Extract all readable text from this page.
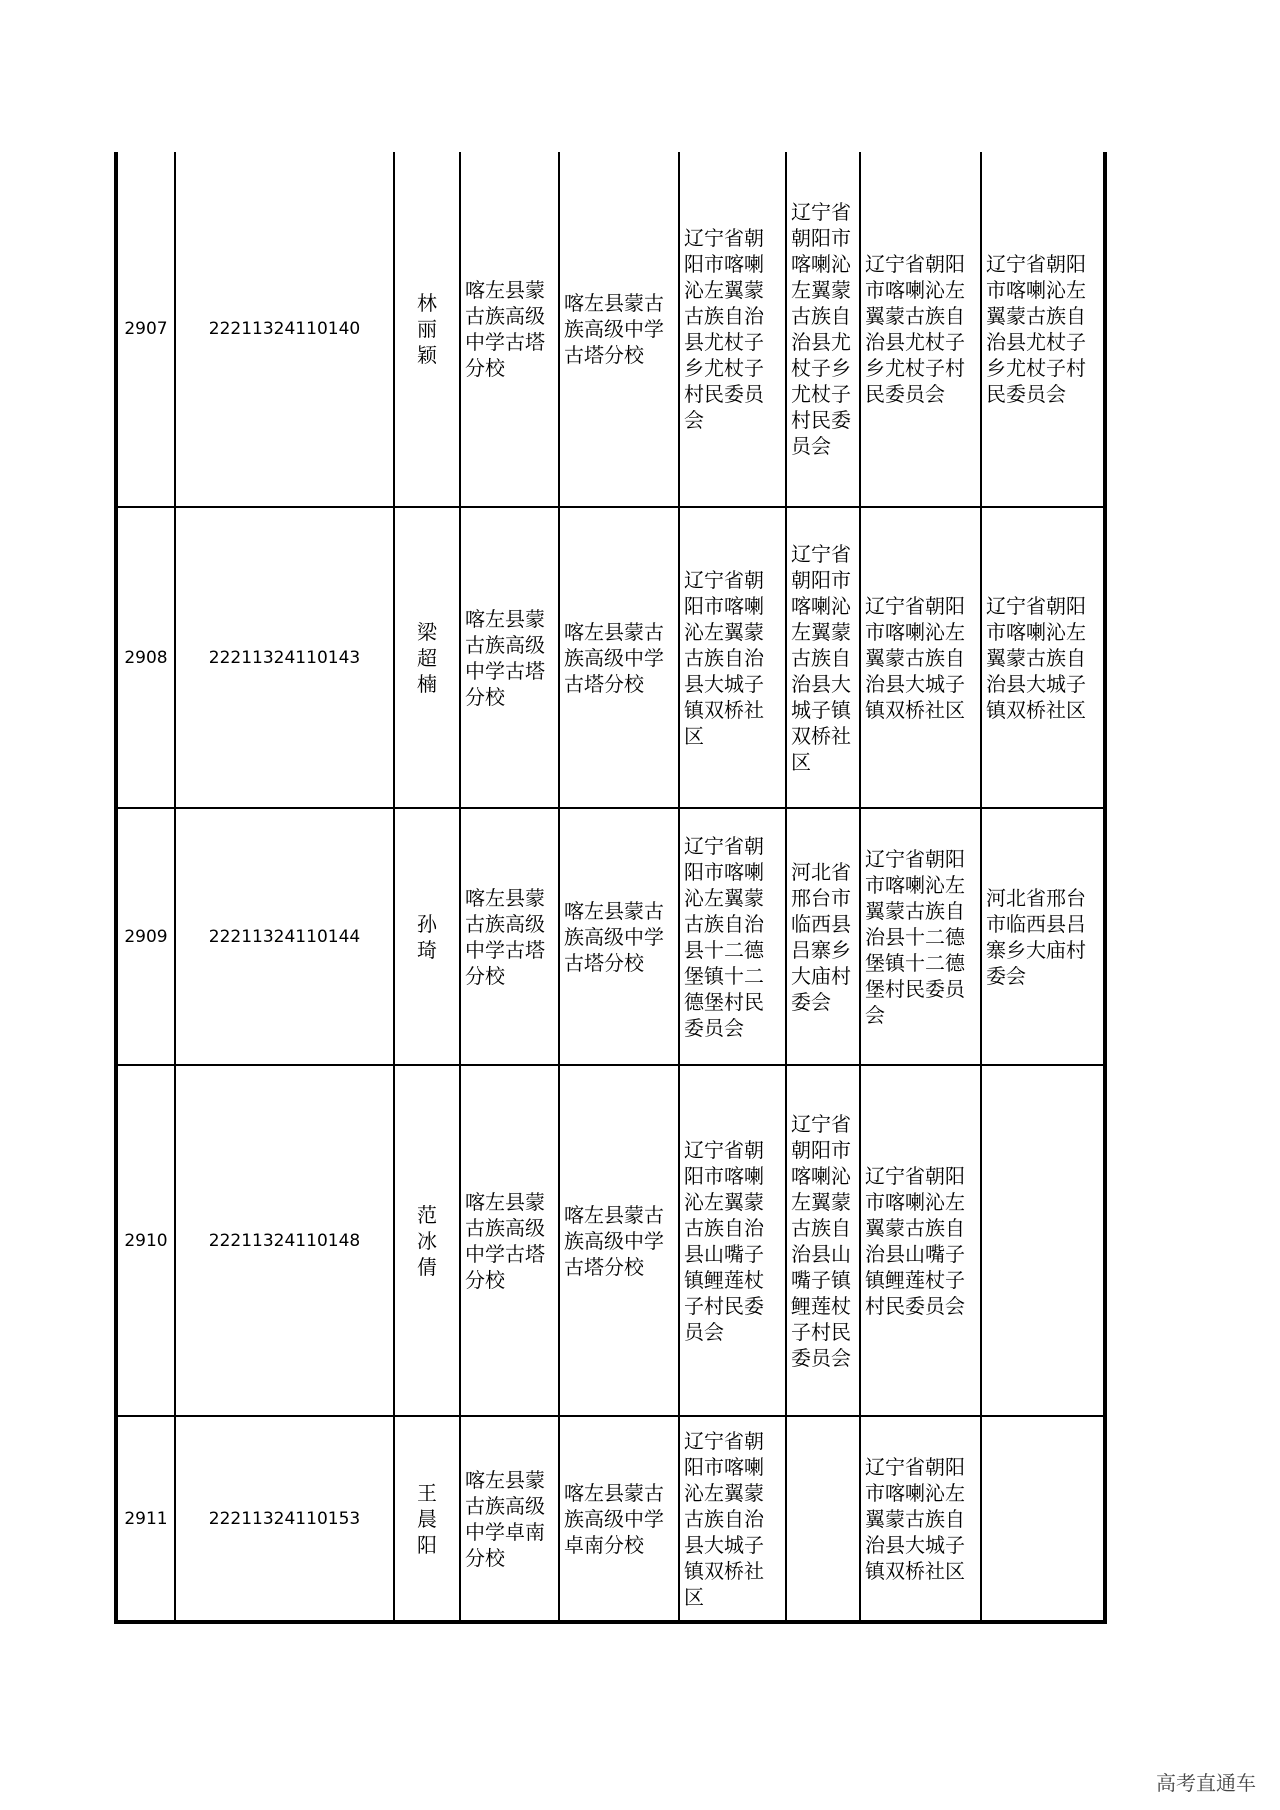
2907	22211324110140	林丽颖	喀左县蒙古族高级中学古塔分校	喀左县蒙古族高级中学古塔分校	辽宁省朝阳市喀喇沁左翼蒙古族自治县尤杖子乡尤杖子村民委员会	辽宁省朝阳市喀喇沁左翼蒙古族自治县尤杖子乡尤杖子村民委员会	辽宁省朝阳市喀喇沁左翼蒙古族自治县尤杖子乡尤杖子村民委员会	辽宁省朝阳市喀喇沁左翼蒙古族自治县尤杖子乡尤杖子村民委员会
2908	22211324110143	梁超楠	喀左县蒙古族高级中学古塔分校	喀左县蒙古族高级中学古塔分校	辽宁省朝阳市喀喇沁左翼蒙古族自治县大城子镇双桥社区	辽宁省朝阳市喀喇沁左翼蒙古族自治县大城子镇双桥社区	辽宁省朝阳市喀喇沁左翼蒙古族自治县大城子镇双桥社区	辽宁省朝阳市喀喇沁左翼蒙古族自治县大城子镇双桥社区
2909	22211324110144	孙琦	喀左县蒙古族高级中学古塔分校	喀左县蒙古族高级中学古塔分校	辽宁省朝阳市喀喇沁左翼蒙古族自治县十二德堡镇十二德堡村民委员会	河北省邢台市临西县吕寨乡大庙村委会	辽宁省朝阳市喀喇沁左翼蒙古族自治县十二德堡镇十二德堡村民委员会	河北省邢台市临西县吕寨乡大庙村委会
2910	22211324110148	范冰倩	喀左县蒙古族高级中学古塔分校	喀左县蒙古族高级中学古塔分校	辽宁省朝阳市喀喇沁左翼蒙古族自治县山嘴子镇鲤莲杖子村民委员会	辽宁省朝阳市喀喇沁左翼蒙古族自治县山嘴子镇鲤莲杖子村民委员会	辽宁省朝阳市喀喇沁左翼蒙古族自治县山嘴子镇鲤莲杖子村民委员会	
2911	22211324110153	王晨阳	喀左县蒙古族高级中学卓南分校	喀左县蒙古族高级中学卓南分校	辽宁省朝阳市喀喇沁左翼蒙古族自治县大城子镇双桥社区		辽宁省朝阳市喀喇沁左翼蒙古族自治县大城子镇双桥社区	
高考直通车
